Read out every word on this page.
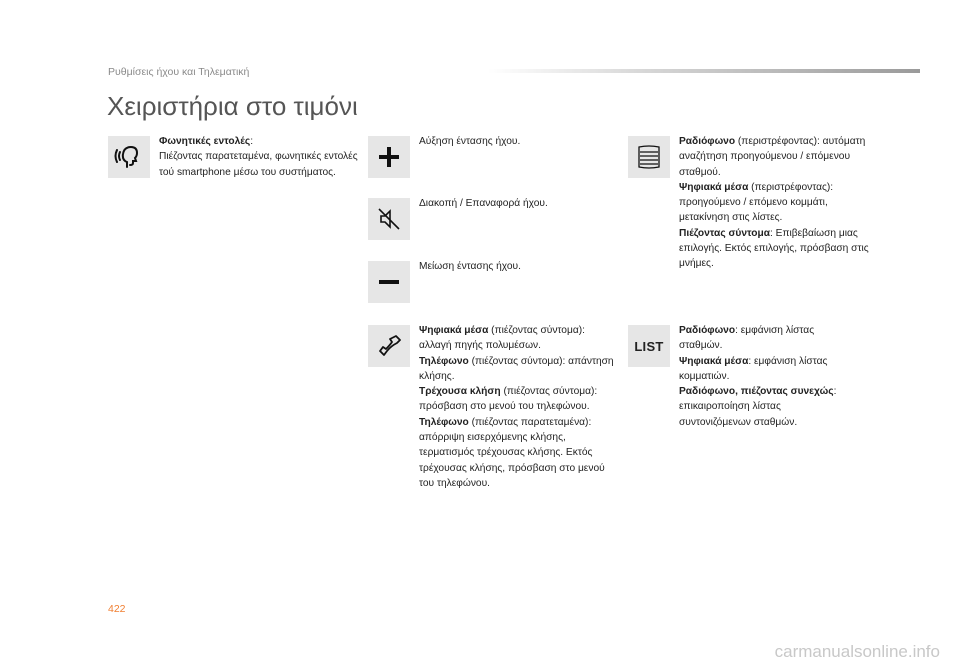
Ρυθμίσεις ήχου και Τηλεματική
Χειριστήρια στο τιμόνι

Φωνητικές εντολές:

Πιέζοντας παρατεταμένα, φωνητικές εντολές τού smartphone μέσω του συστήματος.

Αύξηση έντασης ήχου.

Διακοπή / Επαναφορά ήχου.

Μείωση έντασης ήχου.

Ψηφιακά μέσα (πιέζοντας σύντομα): αλλαγή πηγής πολυμέσων.

Τηλέφωνο (πιέζοντας σύντομα): απάντηση κλήσης.

Τρέχουσα κλήση (πιέζοντας σύντομα): πρόσβαση στο μενού του τηλεφώνου.

Τηλέφωνο (πιέζοντας παρατεταμένα): απόρριψη εισερχόμενης κλήσης, τερματισμός τρέχουσας κλήσης. Εκτός τρέχουσας κλήσης, πρόσβαση στο μενού του τηλεφώνου.

Ραδιόφωνο (περιστρέφοντας): αυτόματη αναζήτηση προηγούμενου / επόμενου σταθμού.

Ψηφιακά μέσα (περιστρέφοντας): προηγούμενο / επόμενο κομμάτι, μετακίνηση στις λίστες.

Πιέζοντας σύντομα: Επιβεβαίωση μιας επιλογής. Εκτός επιλογής, πρόσβαση στις μνήμες.

LIST

Ραδιόφωνο: εμφάνιση λίστας σταθμών.

Ψηφιακά μέσα: εμφάνιση λίστας κομματιών.

Ραδιόφωνο, πιέζοντας συνεχώς: επικαιροποίηση λίστας συντονιζόμενων σταθμών.

422
carmanualsonline.info
